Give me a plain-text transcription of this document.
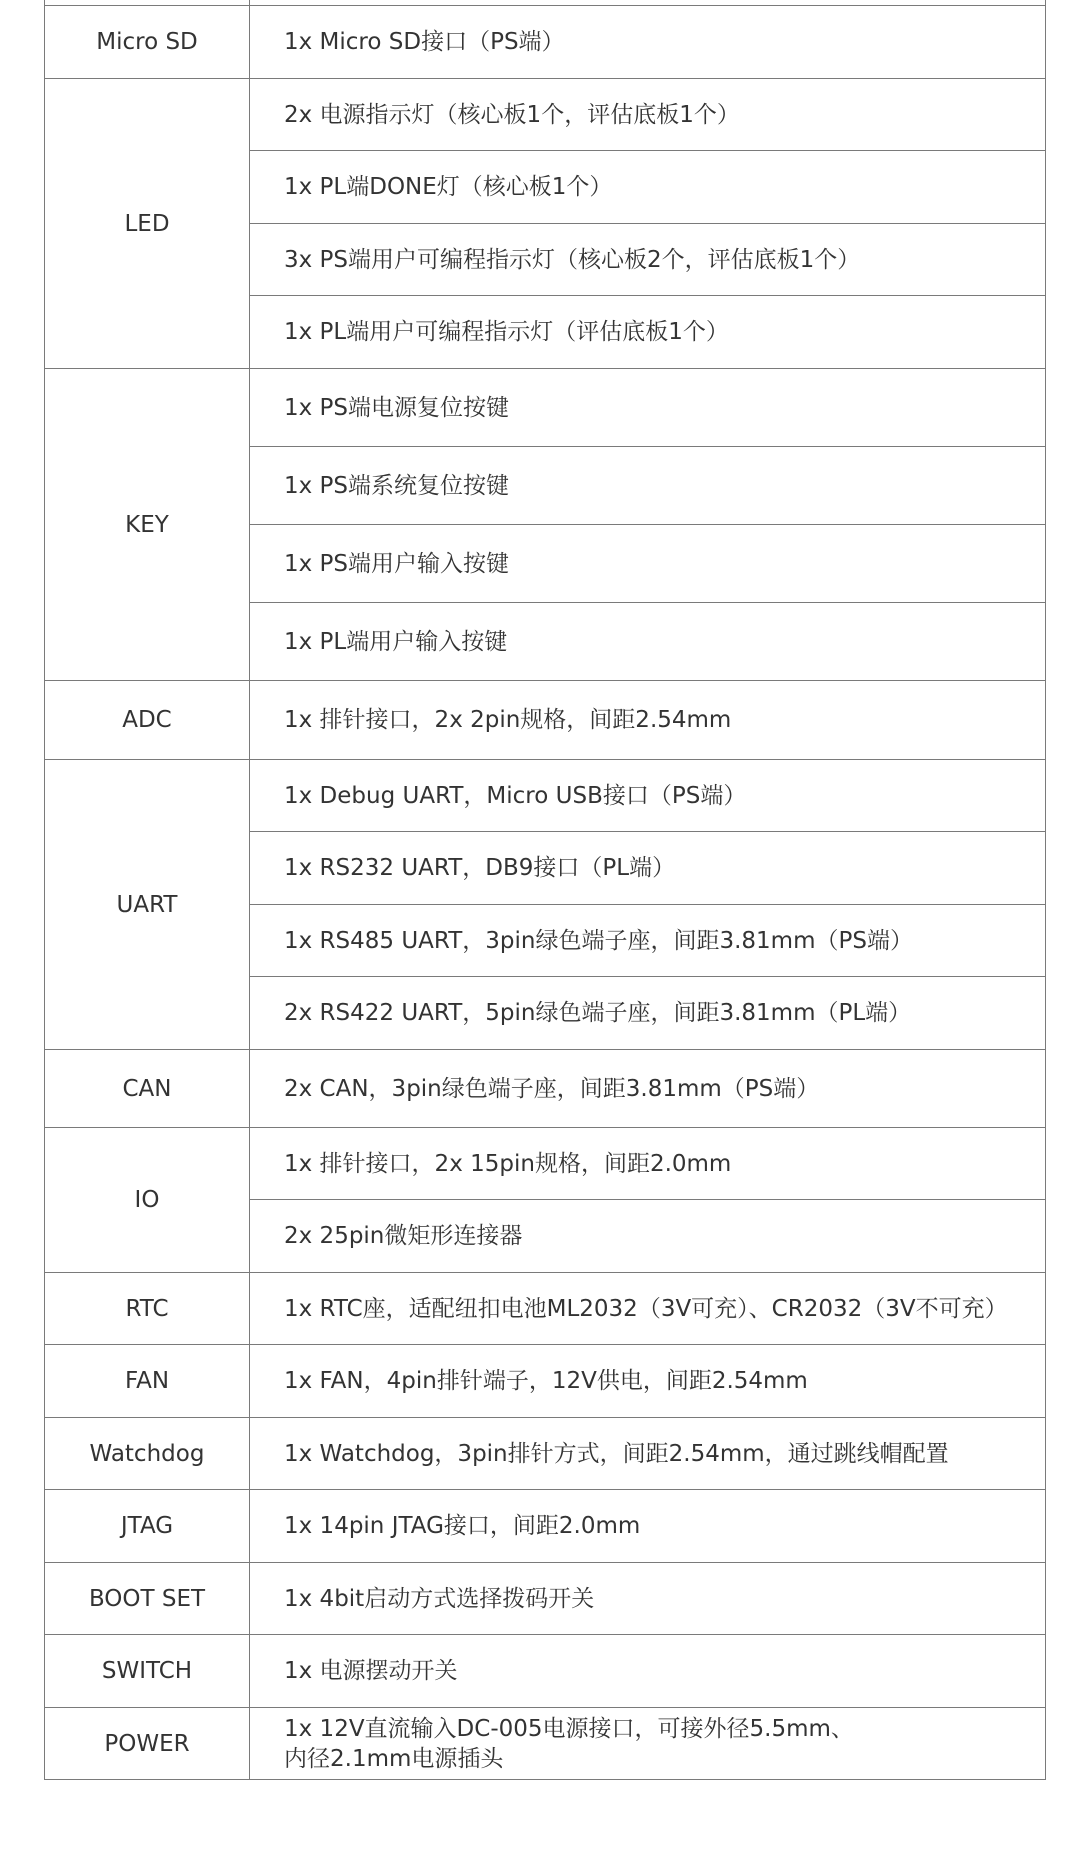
Micro SD	1x Micro SD接口（PS端）
LED	2x 电源指示灯（核心板1个，评估底板1个）
	1x PL端DONE灯（核心板1个）
	3x PS端用户可编程指示灯（核心板2个，评估底板1个）
	1x PL端用户可编程指示灯（评估底板1个）
KEY	1x PS端电源复位按键
	1x PS端系统复位按键
	1x PS端用户输入按键
	1x PL端用户输入按键
ADC	1x 排针接口，2x 2pin规格，间距2.54mm
UART	1x Debug UART，Micro USB接口（PS端）
	1x RS232 UART，DB9接口（PL端）
	1x RS485 UART，3pin绿色端子座，间距3.81mm（PS端）
	2x RS422 UART，5pin绿色端子座，间距3.81mm（PL端）
CAN	2x CAN，3pin绿色端子座，间距3.81mm（PS端）
IO	1x 排针接口，2x 15pin规格，间距2.0mm
	2x 25pin微矩形连接器
RTC	1x RTC座，适配纽扣电池ML2032（3V可充）、CR2032（3V不可充）
FAN	1x FAN，4pin排针端子，12V供电，间距2.54mm
Watchdog	1x Watchdog，3pin排针方式，间距2.54mm，通过跳线帽配置
JTAG	1x 14pin JTAG接口，间距2.0mm
BOOT SET	1x 4bit启动方式选择拨码开关
SWITCH	1x 电源摆动开关
POWER	1x 12V直流输入DC-005电源接口，可接外径5.5mm、
内径2.1mm电源插头
